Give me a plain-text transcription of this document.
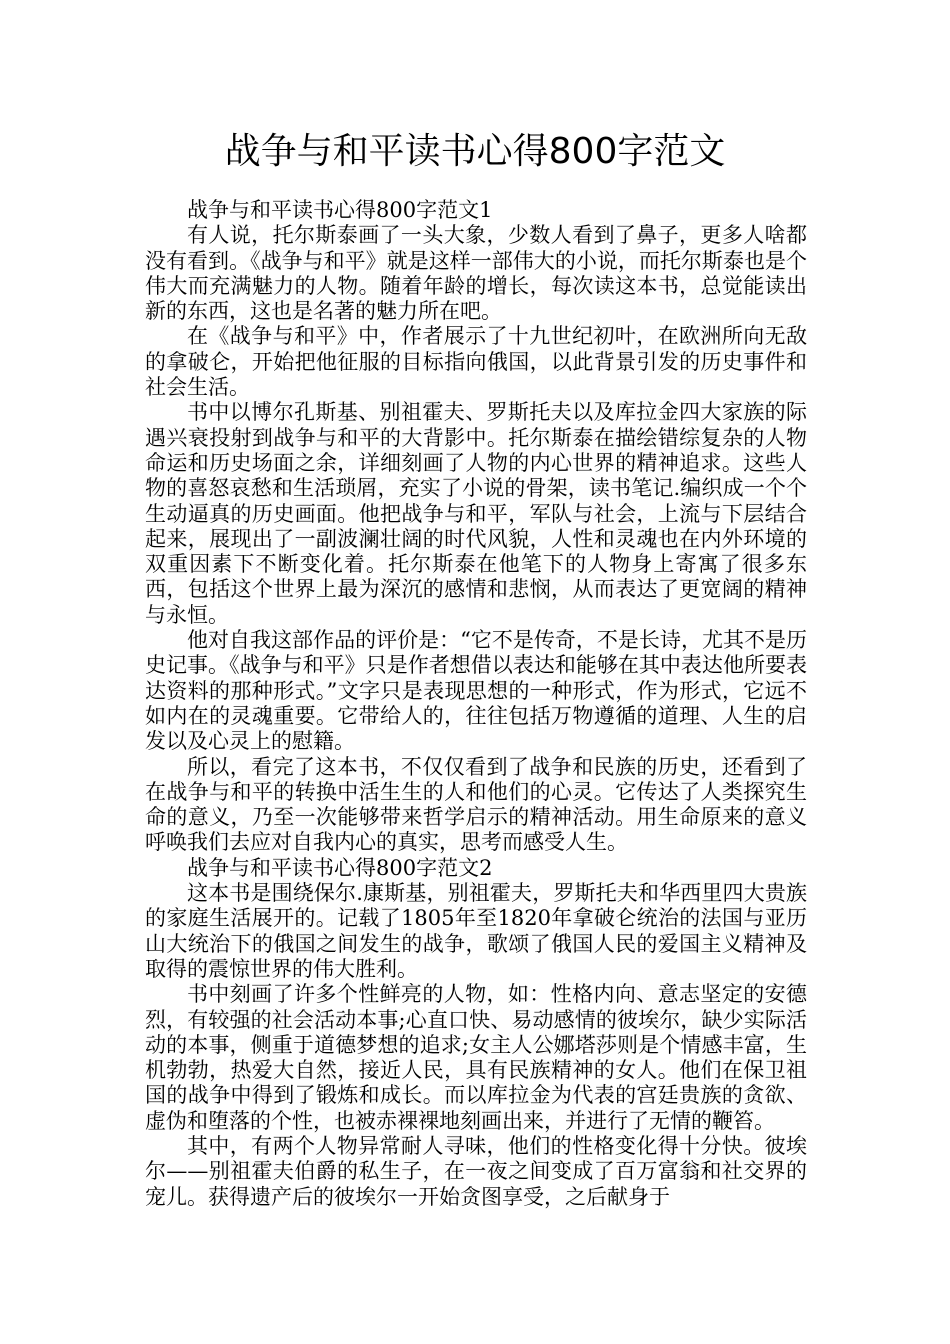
战争与和平读书心得800字范文

战争与和平读书心得800字范文1

有人说，托尔斯泰画了一头大象，少数人看到了鼻子，更多人啥都没有看到。《战争与和平》就是这样一部伟大的小说，而托尔斯泰也是个伟大而充满魅力的人物。随着年龄的增长，每次读这本书，总觉能读出新的东西，这也是名著的魅力所在吧。

在《战争与和平》中，作者展示了十九世纪初叶，在欧洲所向无敌的拿破仑，开始把他征服的目标指向俄国，以此背景引发的历史事件和社会生活。

书中以博尔孔斯基、别祖霍夫、罗斯托夫以及库拉金四大家族的际遇兴衰投射到战争与和平的大背影中。托尔斯泰在描绘错综复杂的人物命运和历史场面之余，详细刻画了人物的内心世界的精神追求。这些人物的喜怒哀愁和生活琐屑，充实了小说的骨架，读书笔记.编织成一个个生动逼真的历史画面。他把战争与和平，军队与社会，上流与下层结合起来，展现出了一副波澜壮阔的时代风貌，人性和灵魂也在内外环境的双重因素下不断变化着。托尔斯泰在他笔下的人物身上寄寓了很多东西，包括这个世界上最为深沉的感情和悲悯，从而表达了更宽阔的精神与永恒。

他对自我这部作品的评价是：“它不是传奇，不是长诗，尤其不是历史记事。《战争与和平》只是作者想借以表达和能够在其中表达他所要表达资料的那种形式。”文字只是表现思想的一种形式，作为形式，它远不如内在的灵魂重要。它带给人的，往往包括万物遵循的道理、人生的启发以及心灵上的慰籍。

所以，看完了这本书，不仅仅看到了战争和民族的历史，还看到了在战争与和平的转换中活生生的人和他们的心灵。它传达了人类探究生命的意义，乃至一次能够带来哲学启示的精神活动。用生命原来的意义呼唤我们去应对自我内心的真实，思考而感受人生。

战争与和平读书心得800字范文2

这本书是围绕保尔.康斯基，别祖霍夫，罗斯托夫和华西里四大贵族的家庭生活展开的。记载了1805年至1820年拿破仑统治的法国与亚历山大统治下的俄国之间发生的战争，歌颂了俄国人民的爱国主义精神及取得的震惊世界的伟大胜利。

书中刻画了许多个性鲜亮的人物，如：性格内向、意志坚定的安德烈，有较强的社会活动本事;心直口快、易动感情的彼埃尔，缺少实际活动的本事，侧重于道德梦想的追求;女主人公娜塔莎则是个情感丰富，生机勃勃，热爱大自然，接近人民，具有民族精神的女人。他们在保卫祖国的战争中得到了锻炼和成长。而以库拉金为代表的宫廷贵族的贪欲、虚伪和堕落的个性，也被赤裸裸地刻画出来，并进行了无情的鞭笞。

其中，有两个人物异常耐人寻味，他们的性格变化得十分快。彼埃尔——别祖霍夫伯爵的私生子，在一夜之间变成了百万富翁和社交界的宠儿。获得遗产后的彼埃尔一开始贪图享受，之后献身于
